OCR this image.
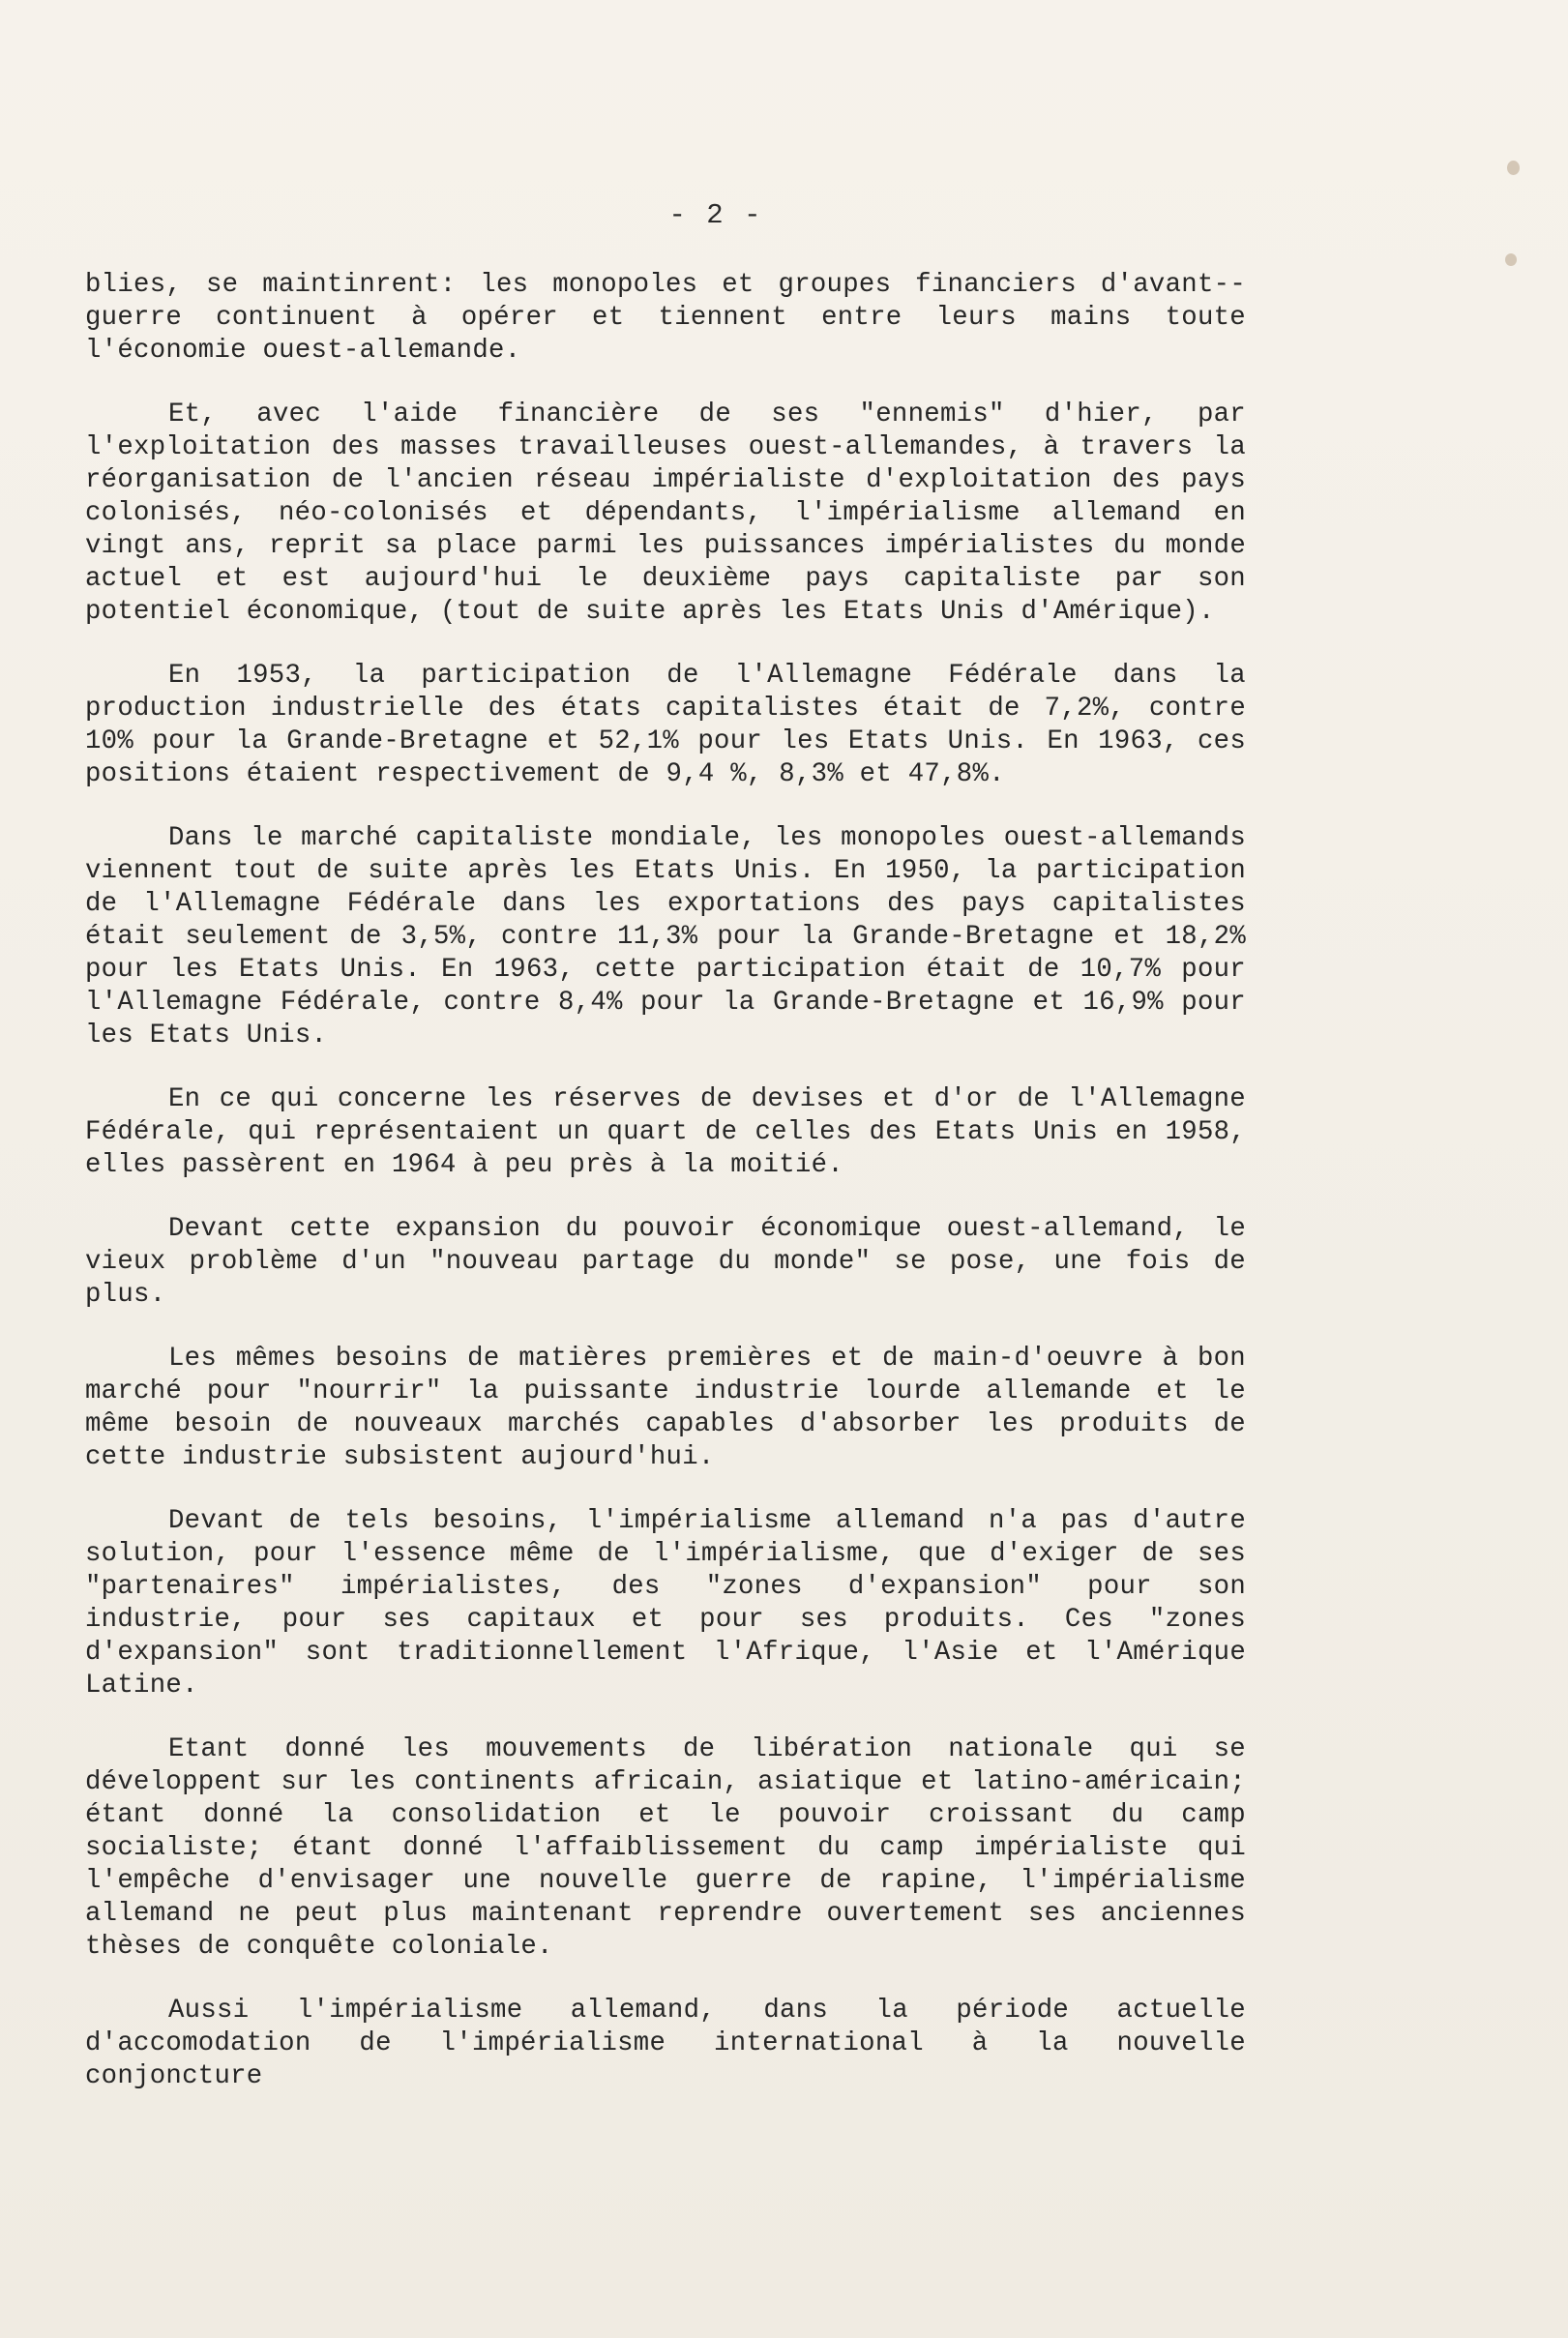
- 2 -

blies, se maintinrent: les monopoles et groupes financiers d'avant--guerre continuent à opérer et tiennent entre leurs mains toute l'économie ouest-allemande.

Et, avec l'aide financière de ses "ennemis" d'hier, par l'exploitation des masses travailleuses ouest-allemandes, à travers la réorganisation de l'ancien réseau impérialiste d'exploitation des pays colonisés, néo-colonisés et dépendants, l'impérialisme allemand en vingt ans, reprit sa place parmi les puissances impérialistes du monde actuel et est aujourd'hui le deuxième pays capitaliste par son potentiel économique, (tout de suite après les Etats Unis d'Amérique).

En 1953, la participation de l'Allemagne Fédérale dans la production industrielle des états capitalistes était de 7,2%, contre 10% pour la Grande-Bretagne et 52,1% pour les Etats Unis. En 1963, ces positions étaient respectivement de 9,4 %, 8,3% et 47,8%.

Dans le marché capitaliste mondiale, les monopoles ouest-allemands viennent tout de suite après les Etats Unis. En 1950, la participation de l'Allemagne Fédérale dans les exportations des pays capitalistes était seulement de 3,5%, contre 11,3% pour la Grande-Bretagne et 18,2% pour les Etats Unis. En 1963, cette participation était de 10,7% pour l'Allemagne Fédérale, contre 8,4% pour la Grande-Bretagne et 16,9% pour les Etats Unis.

En ce qui concerne les réserves de devises et d'or de l'Allemagne Fédérale, qui représentaient un quart de celles des Etats Unis en 1958, elles passèrent en 1964 à peu près à la moitié.

Devant cette expansion du pouvoir économique ouest-allemand, le vieux problème d'un "nouveau partage du monde" se pose, une fois de plus.

Les mêmes besoins de matières premières et de main-d'oeuvre à bon marché pour "nourrir" la puissante industrie lourde allemande et le même besoin de nouveaux marchés capables d'absorber les produits de cette industrie subsistent aujourd'hui.

Devant de tels besoins, l'impérialisme allemand n'a pas d'autre solution, pour l'essence même de l'impérialisme, que d'exiger de ses "partenaires" impérialistes, des "zones d'expansion" pour son industrie, pour ses capitaux et pour ses produits. Ces "zones d'expansion" sont traditionnellement l'Afrique, l'Asie et l'Amérique Latine.

Etant donné les mouvements de libération nationale qui se développent sur les continents africain, asiatique et latino-américain; étant donné la consolidation et le pouvoir croissant du camp socialiste; étant donné l'affaiblissement du camp impérialiste qui l'empêche d'envisager une nouvelle guerre de rapine, l'impérialisme allemand ne peut plus maintenant reprendre ouvertement ses anciennes thèses de conquête coloniale.

Aussi l'impérialisme allemand, dans la période actuelle d'accomodation de l'impérialisme international à la nouvelle conjoncture
